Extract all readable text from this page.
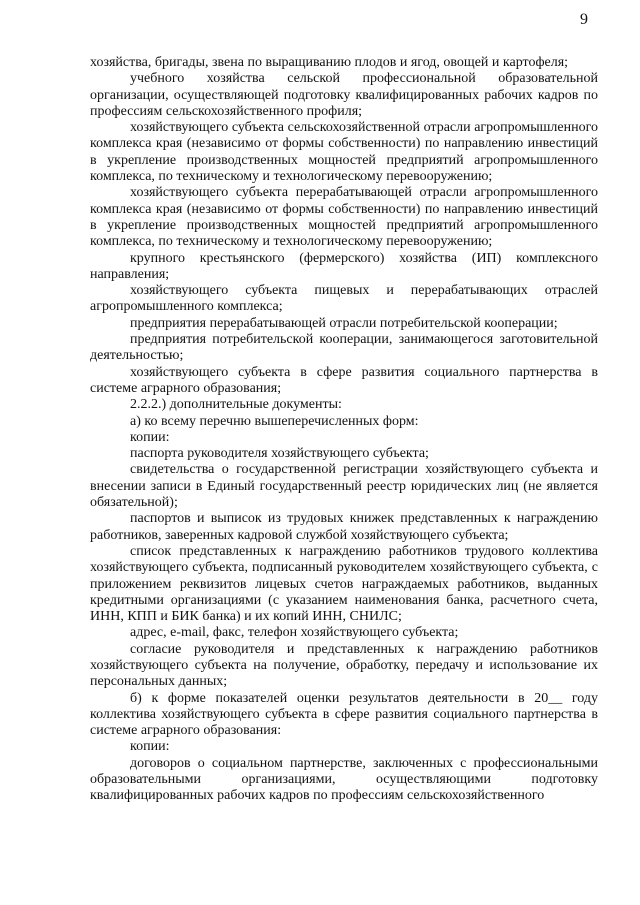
9

хозяйства, бригады, звена по выращиванию плодов и ягод, овощей и картофеля;

учебного хозяйства сельской профессиональной образовательной организации, осуществляющей подготовку квалифицированных рабочих кадров по профессиям сельскохозяйственного профиля;

хозяйствующего субъекта сельскохозяйственной отрасли агропромышленного комплекса края (независимо от формы собственности) по направлению инвестиций в укрепление производственных мощностей предприятий агропромышленного комплекса, по техническому и технологическому перевооружению;

хозяйствующего субъекта перерабатывающей отрасли агропромышленного комплекса края (независимо от формы собственности) по направлению инвестиций в укрепление производственных мощностей предприятий агропромышленного комплекса, по техническому и технологическому перевооружению;

крупного крестьянского (фермерского) хозяйства (ИП) комплексного направления;

хозяйствующего субъекта пищевых и перерабатывающих отраслей агропромышленного комплекса;

предприятия перерабатывающей отрасли потребительской кооперации;

предприятия потребительской кооперации, занимающегося заготовительной деятельностью;

хозяйствующего субъекта в сфере развития социального партнерства в системе аграрного образования;

2.2.2.) дополнительные документы:

а) ко всему перечню вышеперечисленных форм:

копии:

паспорта руководителя хозяйствующего субъекта;

свидетельства о государственной регистрации хозяйствующего субъекта и внесении записи в Единый государственный реестр юридических лиц (не является обязательной);

паспортов и выписок из трудовых книжек представленных к награждению работников, заверенных кадровой службой хозяйствующего субъекта;

список представленных к награждению работников трудового коллектива хозяйствующего субъекта, подписанный руководителем хозяйствующего субъекта, с приложением реквизитов лицевых счетов награждаемых работников, выданных кредитными организациями (с указанием наименования банка, расчетного счета, ИНН, КПП и БИК банка) и их копий ИНН, СНИЛС;

адрес, e-mail, факс, телефон хозяйствующего субъекта;

согласие руководителя и представленных к награждению работников хозяйствующего субъекта на получение, обработку, передачу и использование их персональных данных;

б) к форме показателей оценки результатов деятельности в 20__ году коллектива хозяйствующего субъекта в сфере развития социального партнерства в системе аграрного образования:

копии:

договоров о социальном партнерстве, заключенных с профессиональными образовательными организациями, осуществляющими подготовку квалифицированных рабочих кадров по профессиям сельскохозяйственного
